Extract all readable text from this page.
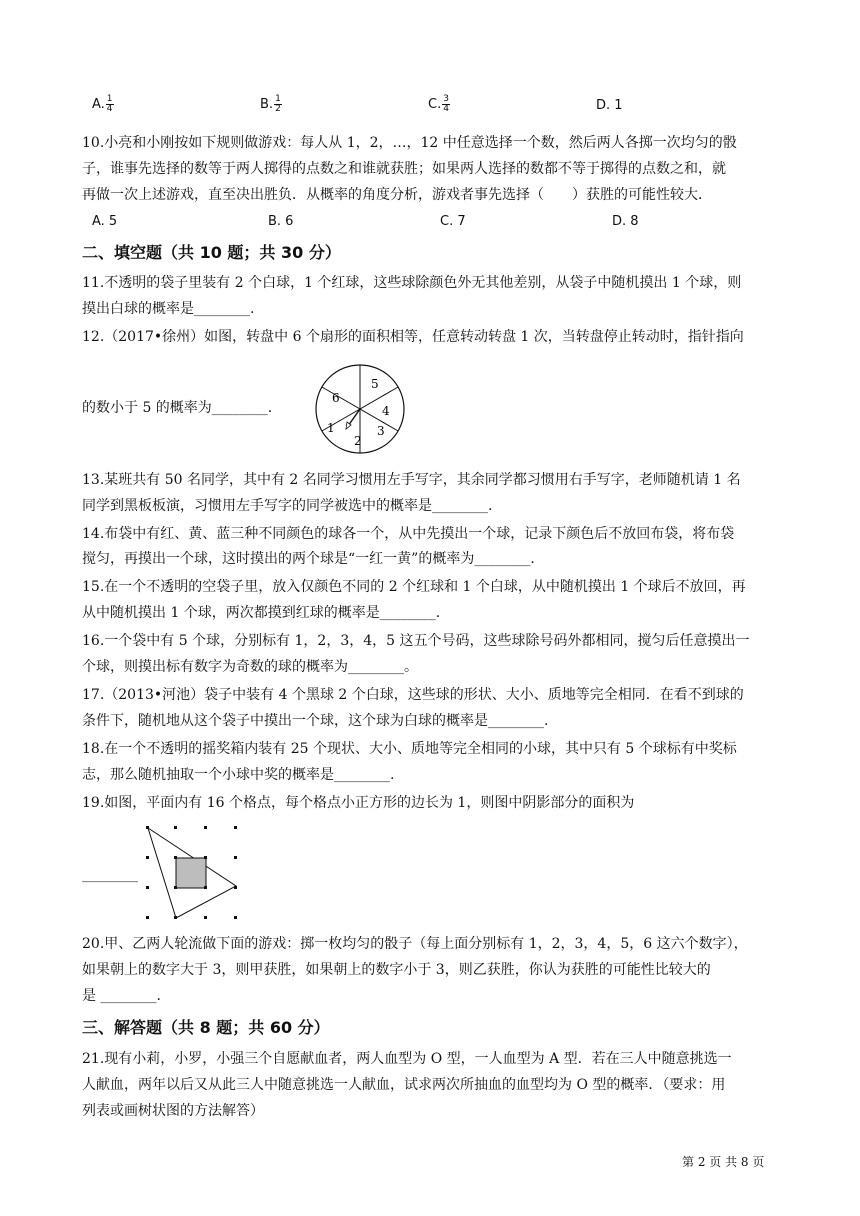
A. $\frac{1}{4}$	B. $\frac{1}{2}$	C. $\frac{3}{4}$	D. 1
10.小亮和小刚按如下规则做游戏：每人从 1，2，…，12 中任意选择一个数，然后两人各掷一次均匀的骰
子，谁事先选择的数等于两人掷得的点数之和谁就获胜；如果两人选择的数都不等于掷得的点数之和，就
再做一次上述游戏，直至决出胜负．从概率的角度分析，游戏者事先选择（　　）获胜的可能性较大．
A. 5	B. 6	C. 7	D. 8
二、填空题（共 10 题；共 30 分）
11.不透明的袋子里装有 2 个白球，1 个红球，这些球除颜色外无其他差别，从袋子中随机摸出 1 个球，则
摸出白球的概率是________.
12.（2017•徐州）如图，转盘中 6 个扇形的面积相等，任意转动转盘 1 次，当转盘停止转动时，指针指向
的数小于 5 的概率为________.
5
4
3
2
1
6
13.某班共有 50 名同学，其中有 2 名同学习惯用左手写字，其余同学都习惯用右手写字，老师随机请 1 名
同学到黑板板演，习惯用左手写字的同学被选中的概率是________.
14.布袋中有红、黄、蓝三种不同颜色的球各一个，从中先摸出一个球，记录下颜色后不放回布袋，将布袋
搅匀，再摸出一个球，这时摸出的两个球是“一红一黄”的概率为________.
15.在一个不透明的空袋子里，放入仅颜色不同的 2 个红球和 1 个白球，从中随机摸出 1 个球后不放回，再
从中随机摸出 1 个球，两次都摸到红球的概率是________.
16.一个袋中有 5 个球，分别标有 1，2，3，4，5 这五个号码，这些球除号码外都相同，搅匀后任意摸出一
个球，则摸出标有数字为奇数的球的概率为________。
17.（2013•河池）袋子中装有 4 个黑球 2 个白球，这些球的形状、大小、质地等完全相同．在看不到球的
条件下，随机地从这个袋子中摸出一个球，这个球为白球的概率是________.
18.在一个不透明的摇奖箱内装有 25 个现状、大小、质地等完全相同的小球，其中只有 5 个球标有中奖标
志，那么随机抽取一个小球中奖的概率是________.
19.如图，平面内有 16 个格点，每个格点小正方形的边长为 1，则图中阴影部分的面积为
________
20.甲、乙两人轮流做下面的游戏：掷一枚均匀的骰子（每上面分别标有 1，2，3，4，5，6 这六个数字），
如果朝上的数字大于 3，则甲获胜，如果朝上的数字小于 3，则乙获胜，你认为获胜的可能性比较大的
是 ________.
三、解答题（共 8 题；共 60 分）
21.现有小莉，小罗，小强三个自愿献血者，两人血型为 O 型，一人血型为 A 型．若在三人中随意挑选一
人献血，两年以后又从此三人中随意挑选一人献血，试求两次所抽血的血型均为 O 型的概率．（要求：用
列表或画树状图的方法解答）
第 2 页 共 8 页
